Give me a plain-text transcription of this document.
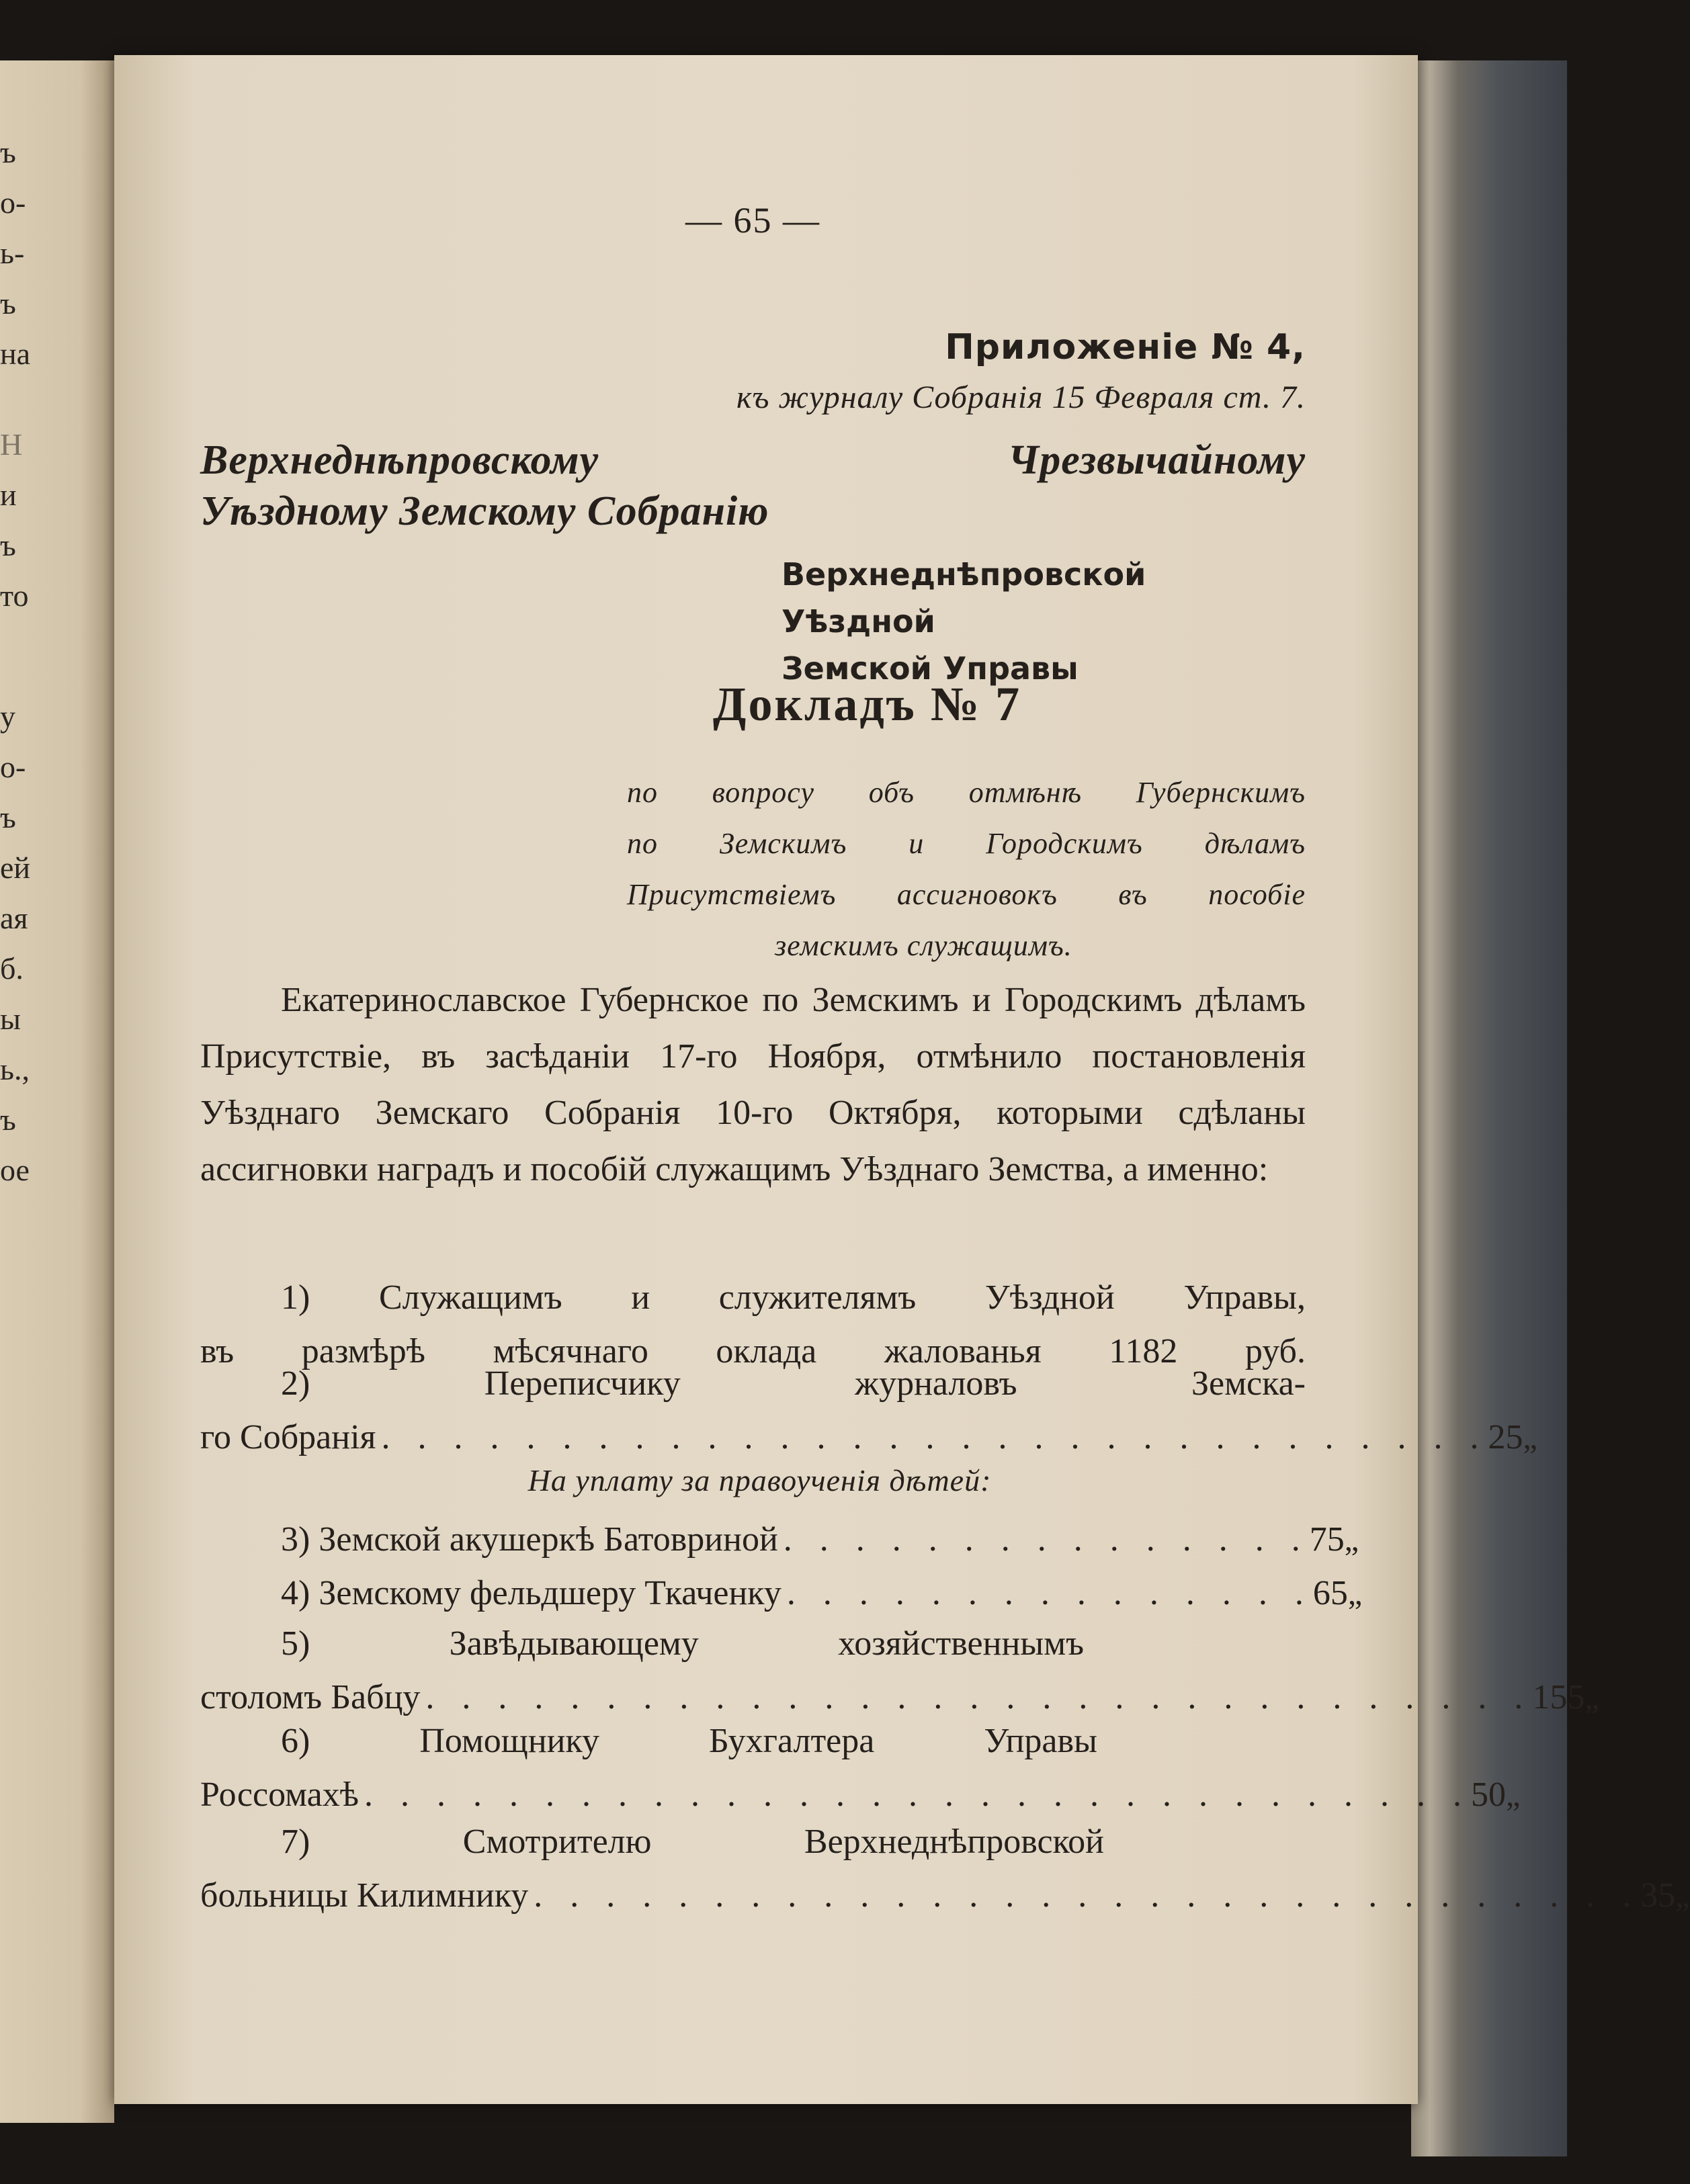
ъ
о-
ь-
ъ
на
Н
и
ъ
то
у
о-
ъ
ей
ая
б.
ы
ь.,
ъ
ое
— 65 —
Приложеніе № 4,
къ журналу Собранія 15 Февраля ст. 7.
Верхнеднѣпровскому Чрезвычайному
Уѣздному Земскому Собранію
Верхнеднѣпровской Уѣздной
Земской Управы
Докладъ № 7
по вопросу объ отмѣнѣ Губернскимъ
по Земскимъ и Городскимъ дѣламъ
Присутствіемъ ассигновокъ въ пособіе
земскимъ служащимъ.
Екатеринославское Губернское по Земскимъ и Городскимъ дѣламъ Присутствіе, въ засѣданіи 17-го Ноября, отмѣнило постановленія Уѣзднаго Земскаго Собранія 10-го Октября, которыми сдѣланы ассигновки наградъ и пособій служащимъ Уѣзднаго Земства, а именно:
1) Служащимъ и служителямъ Уѣздной Управы,
въ размѣрѣ мѣсячнаго оклада жалованья 1182 руб.
2) Переписчику журналовъ Земска-
го Собранія . . . . . . . . . . . . . . . . . . . . . . . . . . . . . . . 25 „
На уплату за правоученія дѣтей:
3) Земской акушеркѣ Батовриной . . . . . . . . . . . . . . . 75 „
4) Земскому фельдшеру Ткаченку . . . . . . . . . . . . . . . 65 „
5) Завѣдывающему хозяйственнымъ
столомъ Бабцу . . . . . . . . . . . . . . . . . . . . . . . . . . . . . . . 155 „
6) Помощнику Бухгалтера Управы
Россомахѣ . . . . . . . . . . . . . . . . . . . . . . . . . . . . . . . 50 „
7) Смотрителю Верхнеднѣпровской
больницы Килимнику . . . . . . . . . . . . . . . . . . . . . . . . . . . . . . . 35 „
